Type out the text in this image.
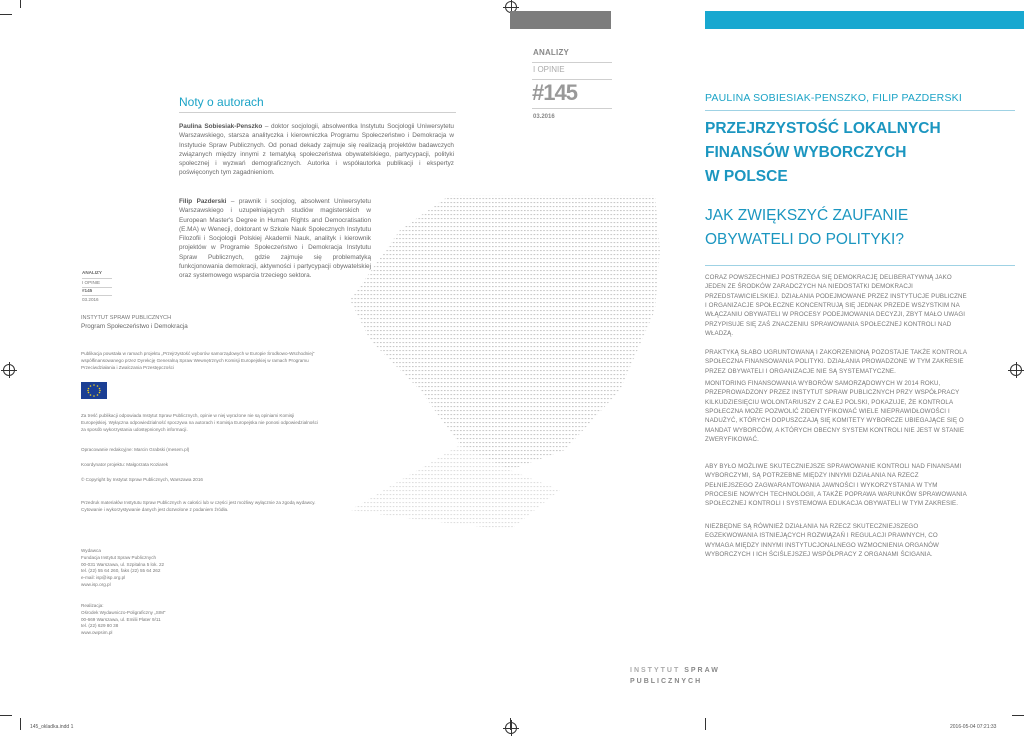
Noty o autorach
Paulina Sobiesiak-Penszko – doktor socjologii, absolwentka Instytutu Socjologii Uniwersytetu Warszawskiego, starsza analityczka i kierowniczka Programu Społeczeństwo i Demokracja w Instytucie Spraw Publicznych. Od ponad dekady zajmuje się realizacją projektów badawczych związanych między innymi z tematyką społeczeństwa obywatelskiego, partycypacji, polityki społecznej i wyzwań demograficznych. Autorka i współautorka publikacji i ekspertyz poświęconych tym zagadnieniom.
Filip Pazderski – prawnik i socjolog, absolwent Uniwersytetu Warszawskiego i uzupełniających studiów magisterskich w European Master's Degree in Human Rights and Democratisation (E.MA) w Wenecji, doktorant w Szkole Nauk Społecznych Instytutu Filozofii i Socjologii Polskiej Akademii Nauk, analityk i kierownik projektów w Programie Społeczeństwo i Demokracja Instytutu Spraw Publicznych, gdzie zajmuje się problematyką funkcjonowania demokracji, aktywności i partycypacji obywatelskiej oraz systemowego wsparcia trzeciego sektora.
ANALIZY
I OPINIE
#145
03.2016
INSTYTUT SPRAW PUBLICZNYCH
Program Społeczeństwo i Demokracja
Publikacja powstała w ramach projektu „Przejrzystość wyborów samorządowych w Europie Środkowo-Wschodniej” współfinansowanego przez Dyrekcję Generalną Spraw Wewnętrznych Komisji Europejskiej w ramach Programu Przeciwdziałania i Zwalczania Przestępczości
Za treść publikacji odpowiada Instytut Spraw Publicznych, opinie w niej wyrażone nie są opiniami Komisji Europejskiej. Wyłączna odpowiedzialność spoczywa na autorach i Komisja Europejska nie ponosi odpowiedzialności za sposób wykorzystania udostępnionych informacji.
Opracowanie redakcyjne: Marcin Grabski (mesem.pl)
Koordynator projektu: Małgorzata Koziarek
© Copyright by Instytut Spraw Publicznych, Warszawa 2016
Przedruk materiałów Instytutu Spraw Publicznych w całości lub w części jest możliwy wyłącznie za zgodą wydawcy. Cytowanie i wykorzystywanie danych jest dozwolone z podaniem źródła.
Wydawca
Fundacja Instytut Spraw Publicznych
00-031 Warszawa, ul. Szpitalna 5 lok. 22
tel. (22) 55 64 260, faks (22) 55 64 262
e-mail: isp@isp.org.pl
www.isp.org.pl
Realizacja:
Ośrodek Wydawniczo-Poligraficzny „SIM”
00-669 Warszawa, ul. Emilii Plater 9/11
tel. (22) 629 80 38
www.owpsim.pl
ANALIZY
I OPINIE
#145
03.2016
INSTYTUT SPRAW
PUBLICZNYCH
PAULINA SOBIESIAK-PENSZKO, FILIP PAZDERSKI
PRZEJRZYSTOŚĆ LOKALNYCH
FINANSÓW WYBORCZYCH
W POLSCE
JAK ZWIĘKSZYĆ ZAUFANIE
OBYWATELI DO POLITYKI?
CORAZ POWSZECHNIEJ POSTRZEGA SIĘ DEMOKRACJĘ DELIBERATYWNĄ JAKO JEDEN ZE ŚRODKÓW ZARADCZYCH NA NIEDOSTATKI DEMOKRACJI PRZEDSTAWICIELSKIEJ. DZIAŁANIA PODEJMOWANE PRZEZ INSTYTUCJE PUBLICZNE I ORGANIZACJE SPOŁECZNE KONCENTRUJĄ SIĘ JEDNAK PRZEDE WSZYSTKIM NA WŁĄCZANIU OBYWATELI W PROCESY PODEJMOWANIA DECYZJI, ZBYT MAŁO UWAGI PRZYPISUJE SIĘ ZAŚ ZNACZENIU SPRAWOWANIA SPOŁECZNEJ KONTROLI NAD WŁADZĄ.
PRAKTYKĄ SŁABO UGRUNTOWANĄ I ZAKORZENIONĄ POZOSTAJE TAKŻE KONTROLA SPOŁECZNA FINANSOWANIA POLITYKI. DZIAŁANIA PROWADZONE W TYM ZAKRESIE PRZEZ OBYWATELI I ORGANIZACJE NIE SĄ SYSTEMATYCZNE.
MONITORING FINANSOWANIA WYBORÓW SAMORZĄDOWYCH W 2014 ROKU, PRZEPROWADZONY PRZEZ INSTYTUT SPRAW PUBLICZNYCH PRZY WSPÓŁPRACY KILKUDZIESIĘCIU WOLONTARIUSZY Z CAŁEJ POLSKI, POKAZUJE, ŻE KONTROLA SPOŁECZNA MOŻE POZWOLIĆ ZIDENTYFIKOWAĆ WIELE NIEPRAWIDŁOWOŚCI I NADUŻYĆ, KTÓRYCH DOPUSZCZAJĄ SIĘ KOMITETY WYBORCZE UBIEGAJĄCE SIĘ O MANDAT WYBORCÓW, A KTÓRYCH OBECNY SYSTEM KONTROLI NIE JEST W STANIE ZWERYFIKOWAĆ.
ABY BYŁO MOŻLIWE SKUTECZNIEJSZE SPRAWOWANIE KONTROLI NAD FINANSAMI WYBORCZYMI, SĄ POTRZEBNE MIĘDZY INNYMI DZIAŁANIA NA RZECZ PEŁNIEJSZEGO ZAGWARANTOWANIA JAWNOŚCI I WYKORZYSTANIA W TYM PROCESIE NOWYCH TECHNOLOGII, A TAKŻE POPRAWA WARUNKÓW SPRAWOWANIA SPOŁECZNEJ KONTROLI I SYSTEMOWA EDUKACJA OBYWATELI W TYM ZAKRESIE.
NIEZBĘDNE SĄ RÓWNIEŻ DZIAŁANIA NA RZECZ SKUTECZNIEJSZEGO EGZEKWOWANIA ISTNIEJĄCYCH ROZWIĄZAŃ I REGULACJI PRAWNYCH, CO WYMAGA MIĘDZY INNYMI INSTYTUCJONALNEGO WZMOCNIENIA ORGANÓW WYBORCZYCH I ICH ŚCIŚLEJSZEJ WSPÓŁPRACY Z ORGANAMI ŚCIGANIA.
145_okladka.indd 1	2016-05-04 07:21:33
